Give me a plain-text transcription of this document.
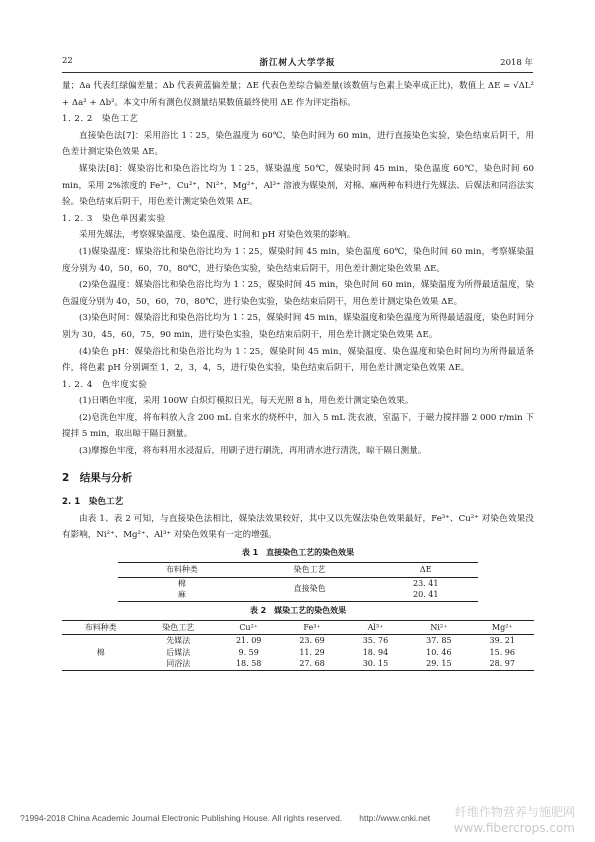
22	浙江树人大学学报	2018 年

量；Δa 代表红绿偏差量；Δb 代表黄蓝偏差量；ΔE 代表色差综合偏差量(该数值与色素上染率成正比)，数值上 ΔE = √ΔL² + Δa² + Δb²。本文中所有测色仪测量结果数值最终使用 ΔE 作为评定指标。

1. 2. 2　染色工艺

直接染色法[7]：采用浴比 1∶25，染色温度为 60℃，染色时间为 60 min，进行直接染色实验，染色结束后阴干，用色差计测定染色效果 ΔE。

媒染法[8]：媒染浴比和染色浴比均为 1∶25，媒染温度 50℃，媒染时间 45 min，染色温度 60℃，染色时间 60 min，采用 2%浓度的 Fe³⁺，Cu²⁺，Ni²⁺，Mg²⁺，Al³⁺ 溶液为媒染剂，对棉、麻两种布料进行先媒法、后媒法和同浴法实验。染色结束后阴干，用色差计测定染色效果 ΔE。

1. 2. 3　染色单因素实验

采用先媒法，考察媒染温度、染色温度、时间和 pH 对染色效果的影响。

(1)媒染温度：媒染浴比和染色浴比均为 1∶25，媒染时间 45 min，染色温度 60℃，染色时间 60 min，考察媒染温度分别为 40，50，60，70，80℃，进行染色实验，染色结束后阴干，用色差计测定染色效果 ΔE。

(2)染色温度：媒染浴比和染色浴比均为 1∶25，媒染时间 45 min，染色时间 60 min，媒染温度为所得最适温度，染色温度分别为 40，50，60，70，80℃，进行染色实验，染色结束后阴干，用色差计测定染色效果 ΔE。

(3)染色时间：媒染浴比和染色浴比均为 1∶25，媒染时间 45 min，媒染温度和染色温度为所得最适温度，染色时间分别为 30，45，60，75，90 min，进行染色实验，染色结束后阴干，用色差计测定染色效果 ΔE。

(4)染色 pH：媒染浴比和染色浴比均为 1∶25，媒染时间 45 min，媒染温度、染色温度和染色时间均为所得最适条件，将色素 pH 分别调至 1，2，3，4，5，进行染色实验，染色结束后阴干，用色差计测定染色效果 ΔE。

1. 2. 4　色牢度实验

(1)日晒色牢度，采用 100W 白炽灯模拟日光，每天光照 8 h，用色差计测定染色效果。

(2)皂洗色牢度，将布料放入含 200 mL 自来水的烧杯中，加入 5 mL 洗衣液，室温下，于磁力搅拌器 2 000 r/min 下搅拌 5 min，取出晾干隔日测量。

(3)摩擦色牢度，将布料用水浸湿后，用刷子进行刷洗，再用清水进行清洗，晾干隔日测量。

2　结果与分析

2. 1　染色工艺

由表 1、表 2 可知，与直接染色法相比，媒染法效果较好，其中又以先媒法染色效果最好，Fe³⁺、Cu²⁺ 对染色效果没有影响，Ni²⁺、Mg²⁺、Al³⁺ 对染色效果有一定的增强。

表 1　直接染色工艺的染色效果
布料种类	染色工艺	ΔE
棉	直接染色	23. 41
麻		20. 41
表 2　媒染工艺的染色效果
布料种类	染色工艺	Cu²⁺	Fe³⁺	Al³⁺	Ni²⁺	Mg²⁺
棉	先媒法	21. 09	23. 69	35. 76	37. 85	39. 21
	后媒法	9. 59	11. 29	18. 94	10. 46	15. 96
	同浴法	18. 58	27. 68	30. 15	29. 15	28. 97
纤维作物营养与施肥网
www.fibercrops.com
?1994-2018 China Academic Journal Electronic Publishing House. All rights reserved.　　http://www.cnki.net
